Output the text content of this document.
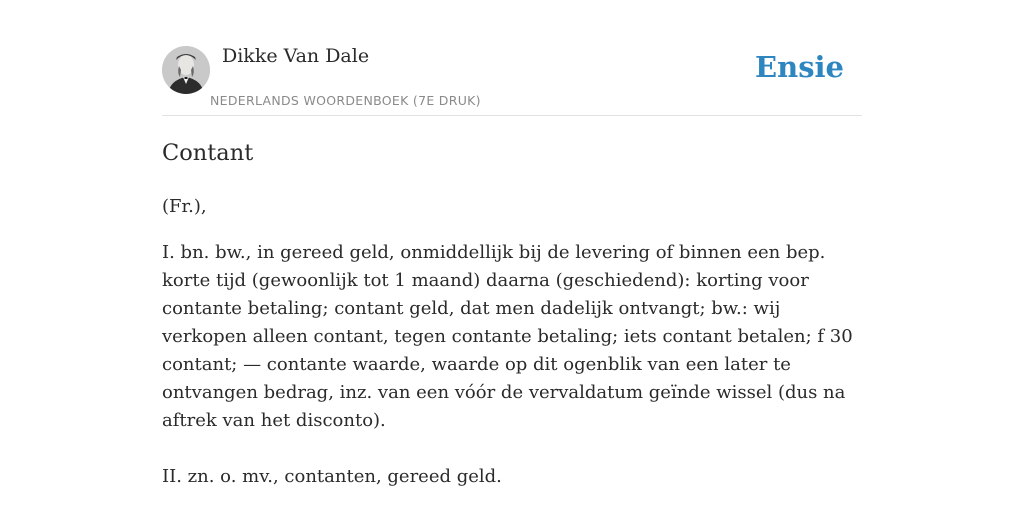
Dikke Van Dale
NEDERLANDS WOORDENBOEK (7E DRUK)
Ensie
Contant

(Fr.),

I. bn. bw., in gereed geld, onmiddellijk bij de levering of binnen een bep. korte tijd (gewoonlijk tot 1 maand) daarna (geschiedend): korting voor contante betaling; contant geld, dat men dadelijk ontvangt; bw.: wij verkopen alleen contant, tegen contante betaling; iets contant betalen; f 30 contant; — contante waarde, waarde op dit ogenblik van een later te ontvangen bedrag, inz. van een vóór de vervaldatum geïnde wissel (dus na aftrek van het disconto).

II. zn. o. mv., contanten, gereed geld.
